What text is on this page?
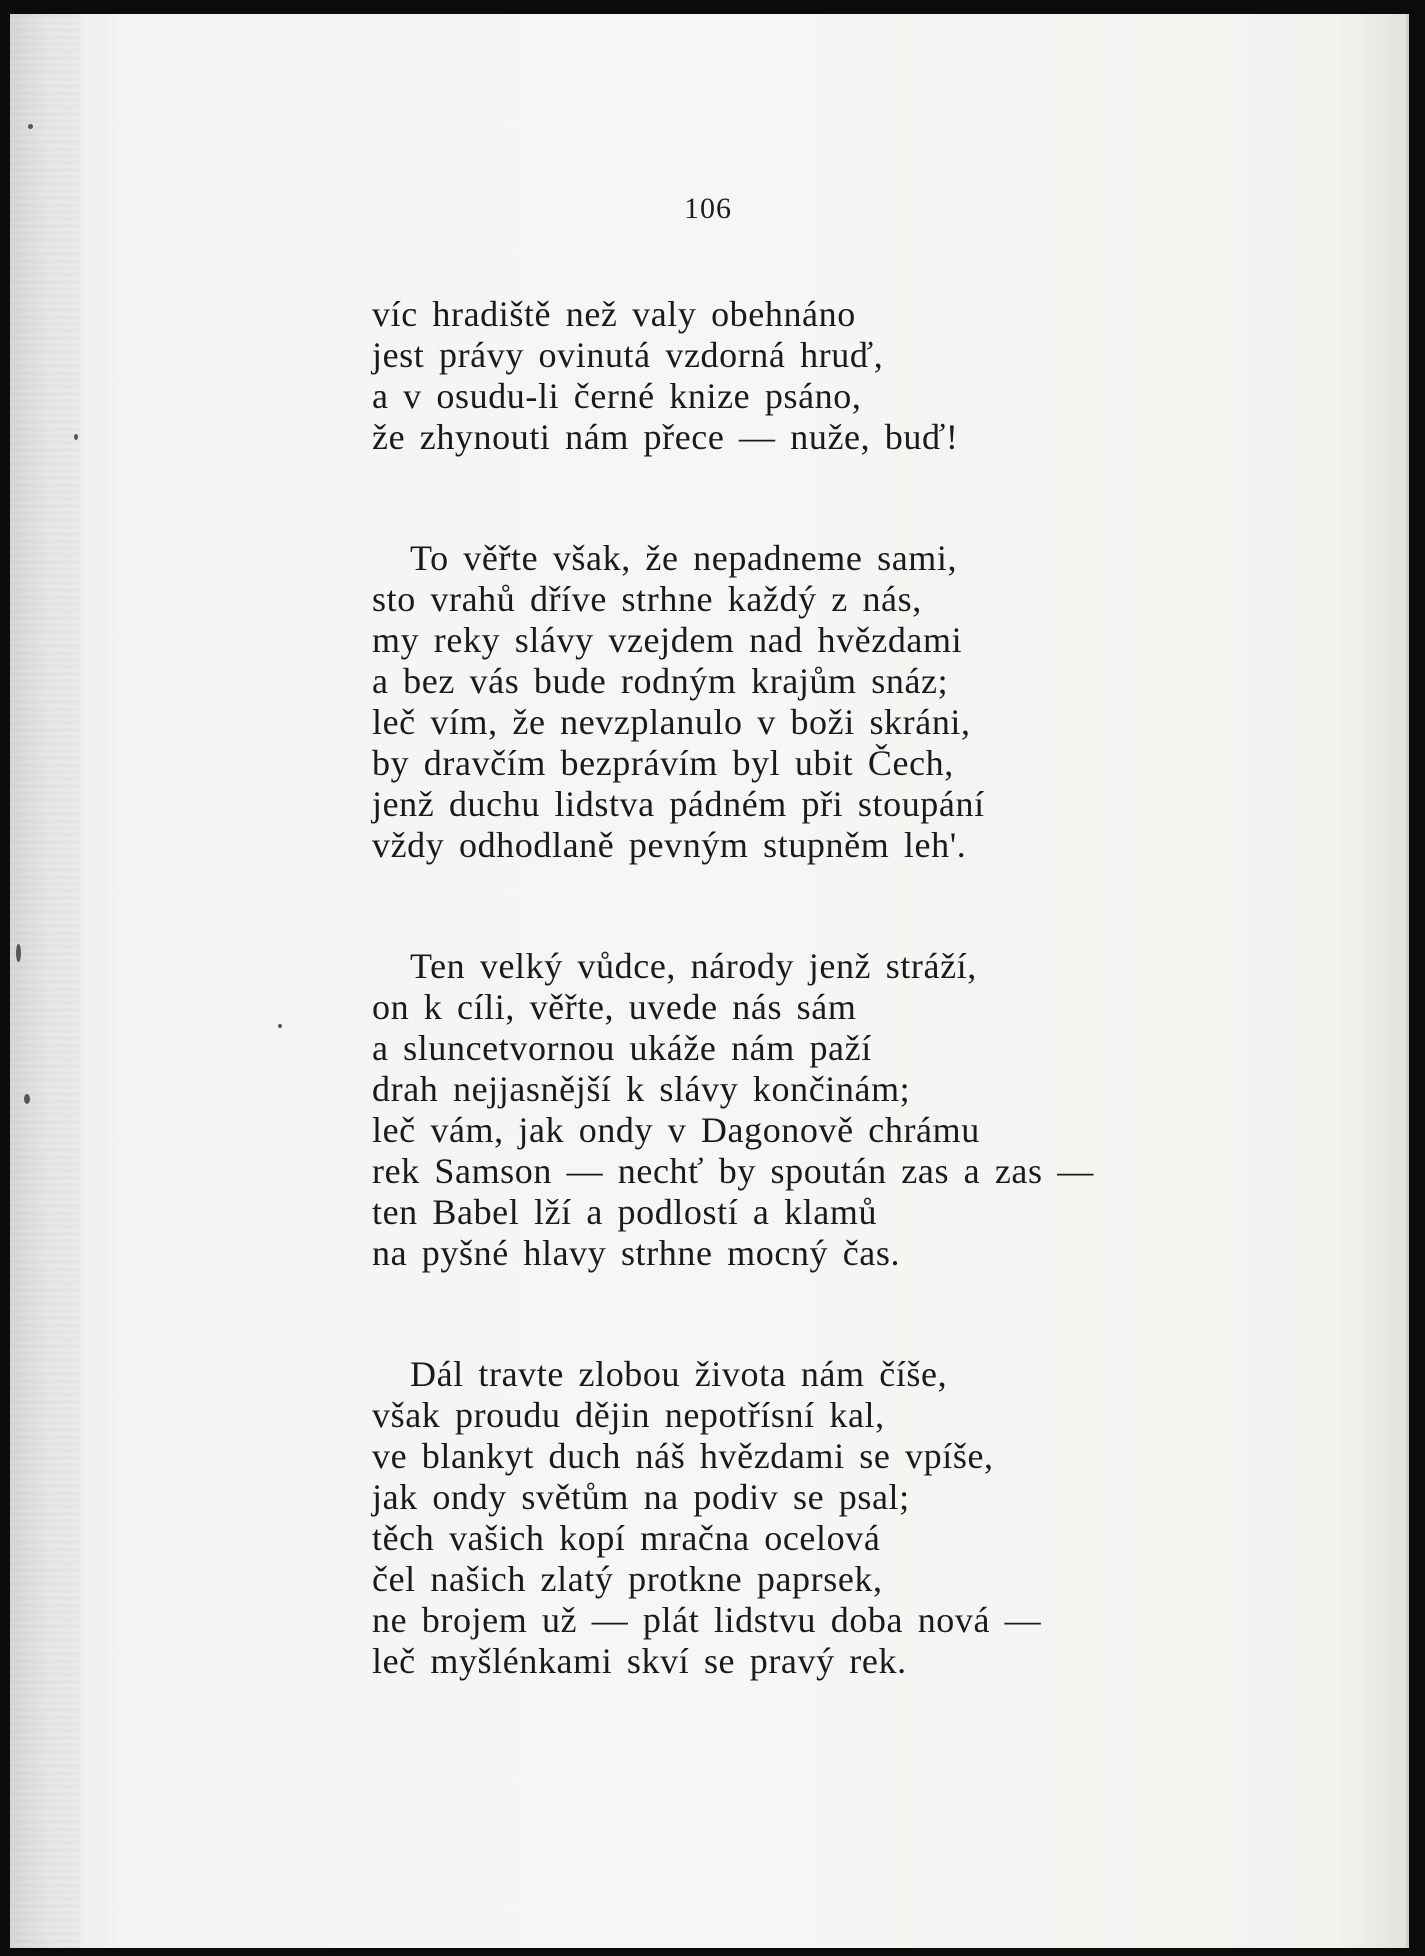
106

víc hradiště než valy obehnáno
jest právy ovinutá vzdorná hruď,
a v osudu-li černé knize psáno,
že zhynouti nám přece — nuže, buď!

To věřte však, že nepadneme sami,
sto vrahů dříve strhne každý z nás,
my reky slávy vzejdem nad hvězdami
a bez vás bude rodným krajům snáz;
leč vím, že nevzplanulo v boži skráni,
by dravčím bezprávím byl ubit Čech,
jenž duchu lidstva pádném při stoupání
vždy odhodlaně pevným stupněm leh'.

Ten velký vůdce, národy jenž stráží,
on k cíli, věřte, uvede nás sám
a sluncetvornou ukáže nám paží
drah nejjasnější k slávy končinám;
leč vám, jak ondy v Dagonově chrámu
rek Samson — nechť by spoután zas a zas —
ten Babel lží a podlostí a klamů
na pyšné hlavy strhne mocný čas.

Dál travte zlobou života nám číše,
však proudu dějin nepotřísní kal,
ve blankyt duch náš hvězdami se vpíše,
jak ondy světům na podiv se psal;
těch vašich kopí mračna ocelová
čel našich zlatý protkne paprsek,
ne brojem už — plát lidstvu doba nová —
leč myšlénkami skví se pravý rek.
